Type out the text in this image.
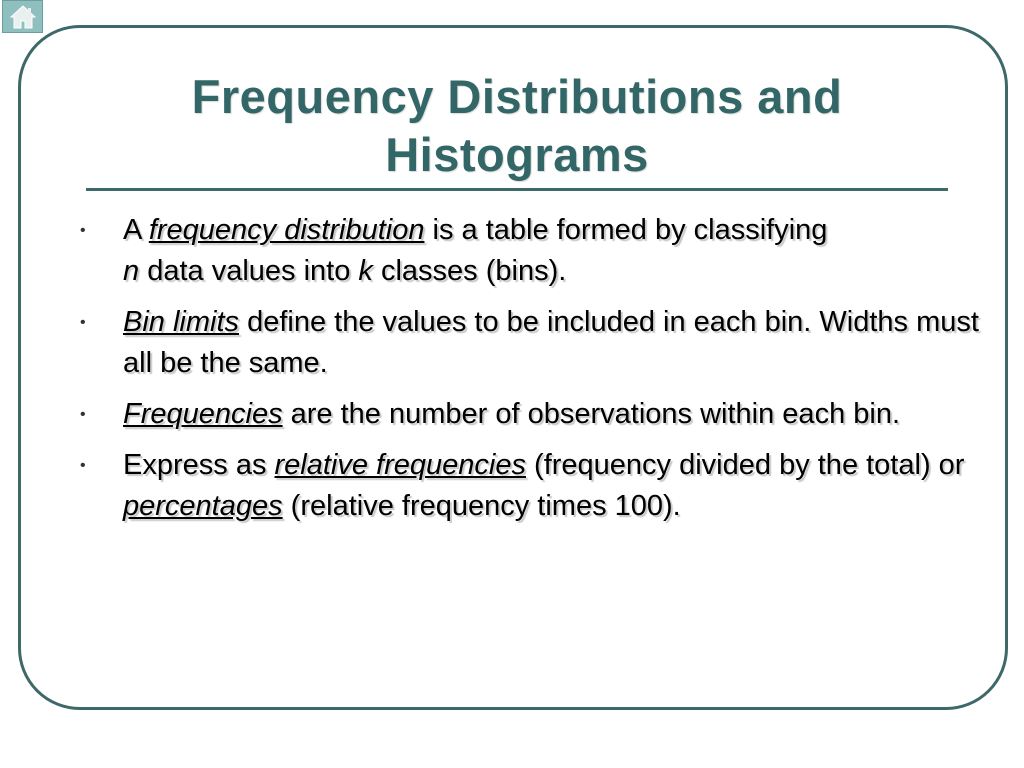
Frequency Distributions and
Histograms
• A frequency distribution is a table formed by classifying
n data values into k classes (bins).
• Bin limits define the values to be included in each bin. Widths must all be the same.
• Frequencies are the number of observations within each bin.
• Express as relative frequencies (frequency divided by the total) or percentages (relative frequency times 100).
